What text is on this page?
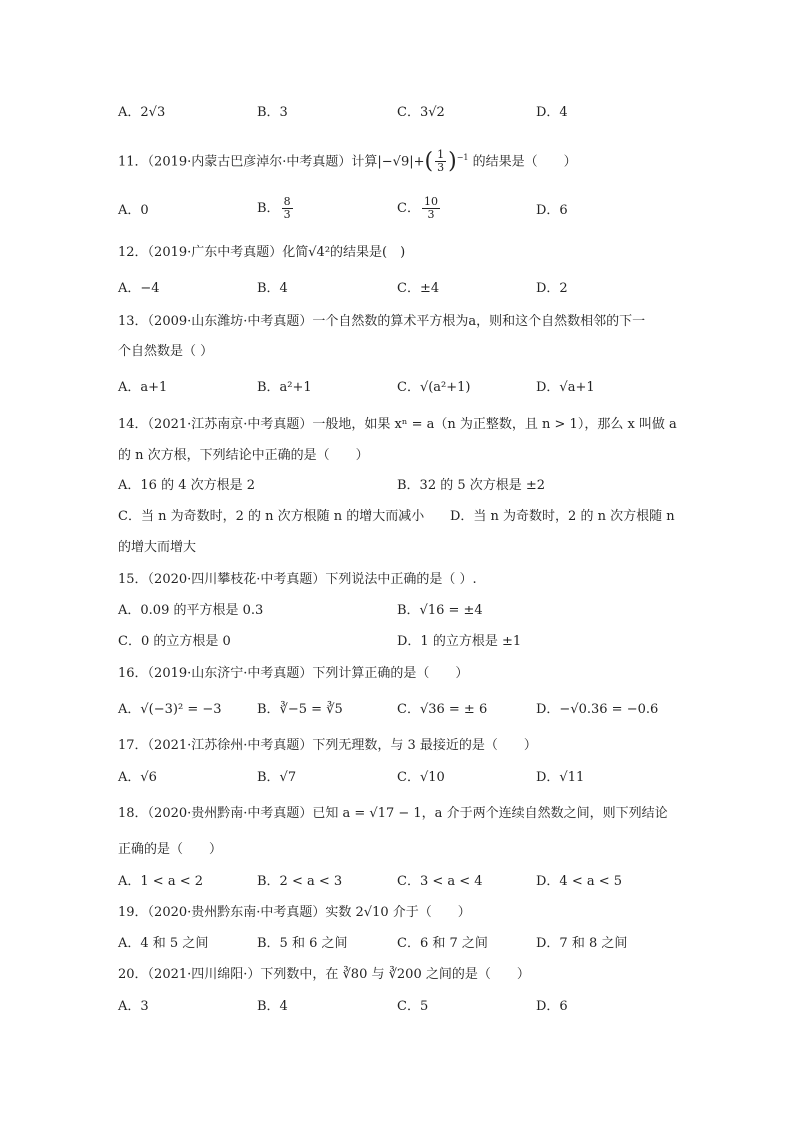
A．2√3	B．3	C．3√2	D．4
11．（2019·内蒙古巴彦淖尔·中考真题）计算$|-√9|+( \frac{1}{3} )^{-1}$ 的结果是（　　）
A．0	B． $\frac{8}{3}$	C． $\frac{10}{3}$	D．6
12．（2019·广东中考真题）化简√4²的结果是(　)
A．−4	B．4	C．±4	D．2
13．（2009·山东潍坊·中考真题）一个自然数的算术平方根为a，则和这个自然数相邻的下一
个自然数是（ ）
A．a+1	B．a²+1	C．√(a²+1)	D．√a+1
14．（2021·江苏南京·中考真题）一般地，如果 xⁿ = a（n 为正整数，且 n > 1），那么 x 叫做 a
的 n 次方根，下列结论中正确的是（　　）
A．16 的 4 次方根是 2	B．32 的 5 次方根是 ±2
C．当 n 为奇数时，2 的 n 次方根随 n 的增大而减小 D．当 n 为奇数时，2 的 n 次方根随 n
的增大而增大
15．（2020·四川攀枝花·中考真题）下列说法中正确的是（ ）.
A．0.09 的平方根是 0.3	B．√16 = ±4
C．0 的立方根是 0	D．1 的立方根是 ±1
16．（2019·山东济宁·中考真题）下列计算正确的是（　　）
A．√(−3)² = −3	B．∛−5 = ∛5	C．√36 = ± 6	D．−√0.36 = −0.6
17．（2021·江苏徐州·中考真题）下列无理数，与 3 最接近的是（　　）
A．√6	B．√7	C．√10	D．√11
18．（2020·贵州黔南·中考真题）已知 a = √17 − 1，a 介于两个连续自然数之间，则下列结论
正确的是（　　）
A．1 < a < 2	B．2 < a < 3	C．3 < a < 4	D．4 < a < 5
19．（2020·贵州黔东南·中考真题）实数 2√10 介于（　　）
A．4 和 5 之间	B．5 和 6 之间	C．6 和 7 之间	D．7 和 8 之间
20．（2021·四川绵阳·）下列数中，在 ∛80 与 ∛200 之间的是（　　）
A．3	B．4	C．5	D．6
